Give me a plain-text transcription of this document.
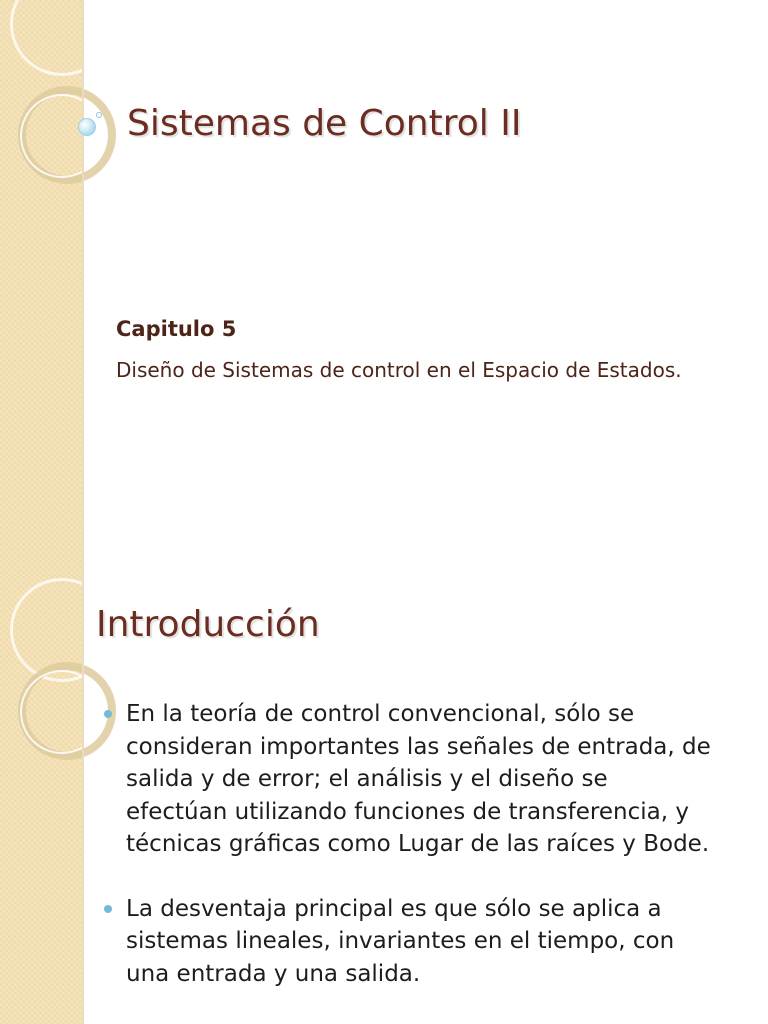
Sistemas de Control II
Capitulo 5

Diseño de Sistemas de control en el Espacio de Estados.

Introducción
En la teoría de control convencional, sólo se consideran importantes las señales de entrada, de salida y de error; el análisis y el diseño se efectúan utilizando funciones de transferencia, y técnicas gráficas como Lugar de las raíces y Bode.
La desventaja principal es que sólo se aplica a sistemas lineales, invariantes en el tiempo, con una entrada y una salida.
